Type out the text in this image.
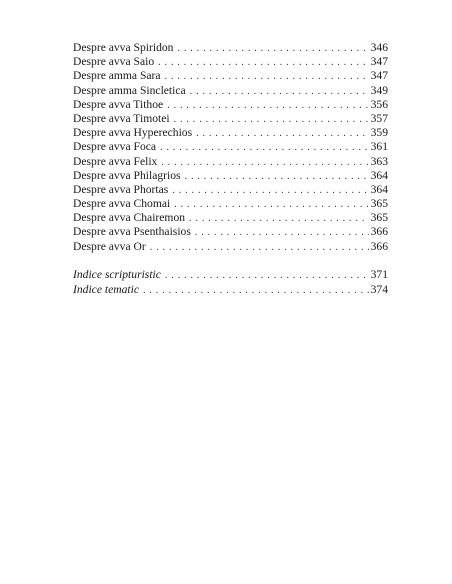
Despre avva Spiridon . . .	346
Despre avva Saio . . .	347
Despre amma Sara . . .	347
Despre amma Sincletica . . .	349
Despre avva Tithoe . . .	356
Despre avva Timotei . . .	357
Despre avva Hyperechios . . .	359
Despre avva Foca . . .	361
Despre avva Felix . . .	363
Despre avva Philagrios . . .	364
Despre avva Phortas . . .	364
Despre avva Chomai . . .	365
Despre avva Chairemon . . .	365
Despre avva Psenthaisios . . .	366
Despre avva Or . . .	366
Indice scripturistic . . .	371
Indice tematic . . .	374
